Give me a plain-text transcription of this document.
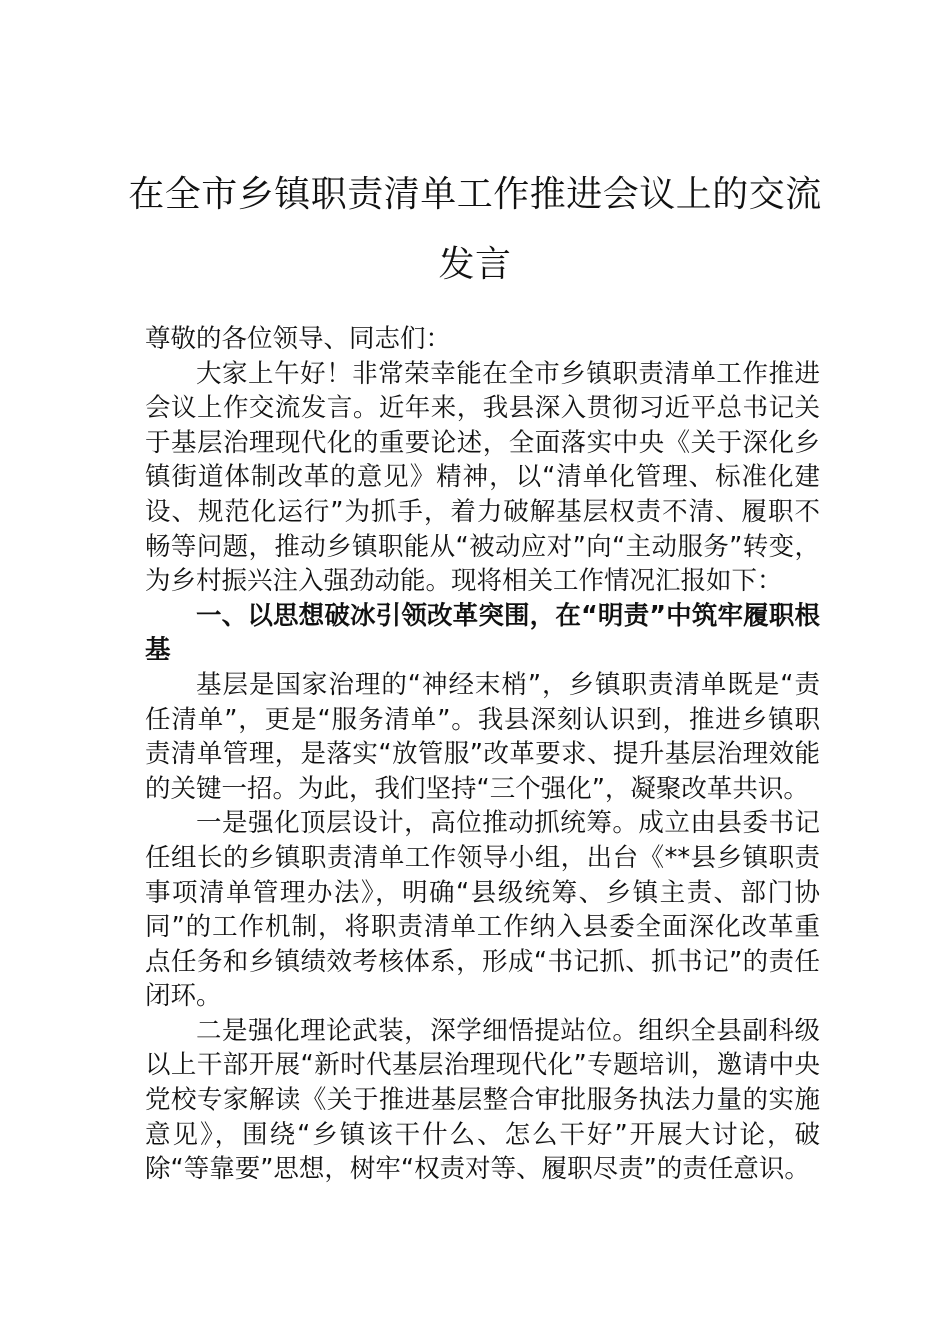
在全市乡镇职责清单工作推进会议上的交流发言

尊敬的各位领导、同志们：

大家上午好！非常荣幸能在全市乡镇职责清单工作推进会议上作交流发言。近年来，我县深入贯彻习近平总书记关于基层治理现代化的重要论述，全面落实中央《关于深化乡镇街道体制改革的意见》精神，以“清单化管理、标准化建设、规范化运行”为抓手，着力破解基层权责不清、履职不畅等问题，推动乡镇职能从“被动应对”向“主动服务”转变，为乡村振兴注入强劲动能。现将相关工作情况汇报如下：

一、以思想破冰引领改革突围，在“明责”中筑牢履职根基

基层是国家治理的“神经末梢”，乡镇职责清单既是“责任清单”，更是“服务清单”。我县深刻认识到，推进乡镇职责清单管理，是落实“放管服”改革要求、提升基层治理效能的关键一招。为此，我们坚持“三个强化”，凝聚改革共识。

一是强化顶层设计，高位推动抓统筹。成立由县委书记任组长的乡镇职责清单工作领导小组，出台《**县乡镇职责事项清单管理办法》，明确“县级统筹、乡镇主责、部门协同”的工作机制，将职责清单工作纳入县委全面深化改革重点任务和乡镇绩效考核体系，形成“书记抓、抓书记”的责任闭环。

二是强化理论武装，深学细悟提站位。组织全县副科级以上干部开展“新时代基层治理现代化”专题培训，邀请中央党校专家解读《关于推进基层整合审批服务执法力量的实施意见》，围绕“乡镇该干什么、怎么干好”开展大讨论，破除“等靠要”思想，树牢“权责对等、履职尽责”的责任意识。
